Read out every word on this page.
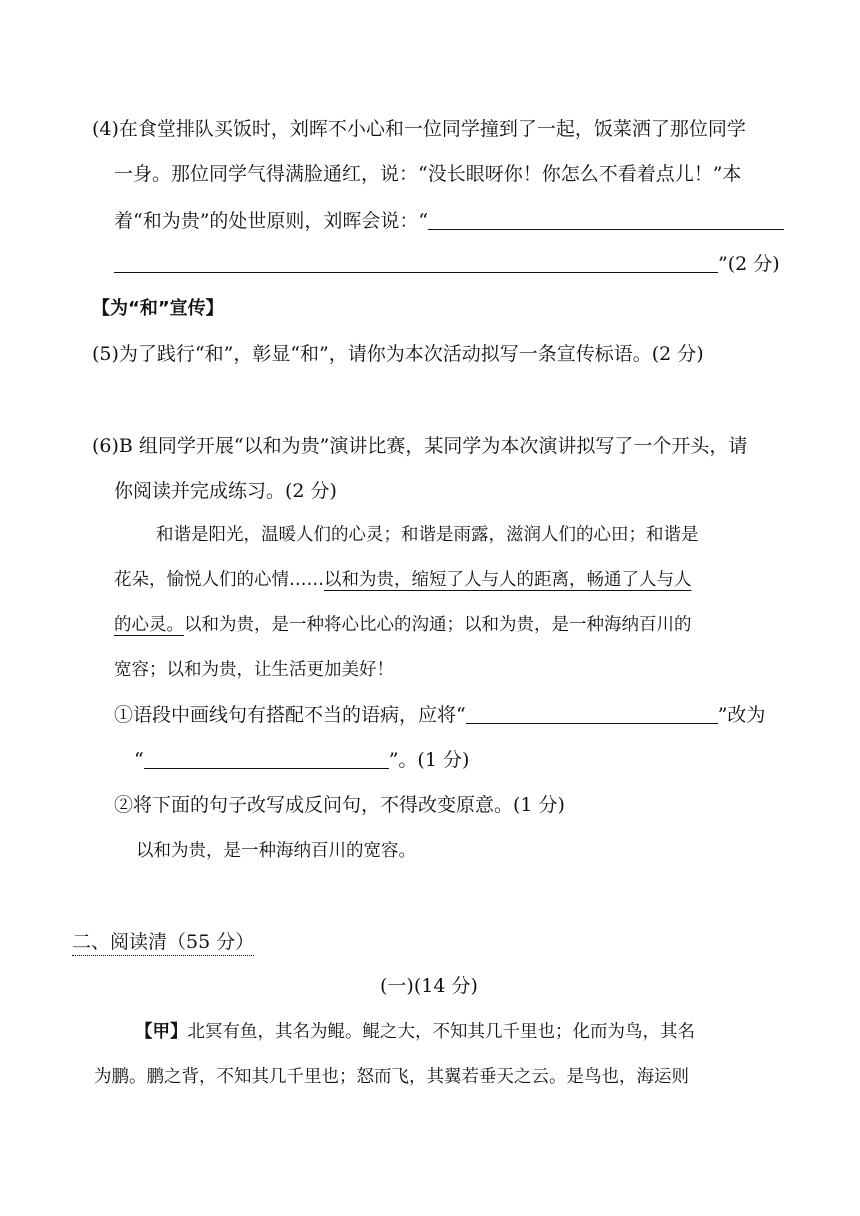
(4)在食堂排队买饭时，刘晖不小心和一位同学撞到了一起，饭菜洒了那位同学
一身。那位同学气得满脸通红，说：“没长眼呀你！你怎么不看着点儿！”本
着“和为贵”的处世原则，刘晖会说：“
”(2 分)
【为“和”宣传】
(5)为了践行“和”，彰显“和”，请你为本次活动拟写一条宣传标语。(2 分)
(6)B 组同学开展“以和为贵”演讲比赛，某同学为本次演讲拟写了一个开头，请
你阅读并完成练习。(2 分)
和谐是阳光，温暖人们的心灵；和谐是雨露，滋润人们的心田；和谐是
花朵，愉悦人们的心情……以和为贵，缩短了人与人的距离，畅通了人与人
的心灵。以和为贵，是一种将心比心的沟通；以和为贵，是一种海纳百川的
宽容；以和为贵，让生活更加美好！
①语段中画线句有搭配不当的语病，应将“	”改为
“	”。(1 分)
②将下面的句子改写成反问句，不得改变原意。(1 分)
以和为贵，是一种海纳百川的宽容。
二、阅读清（55 分）
(一)(14 分)
【甲】北冥有鱼，其名为鲲。鲲之大，不知其几千里也；化而为鸟，其名
为鹏。鹏之背，不知其几千里也；怒而飞，其翼若垂天之云。是鸟也，海运则
